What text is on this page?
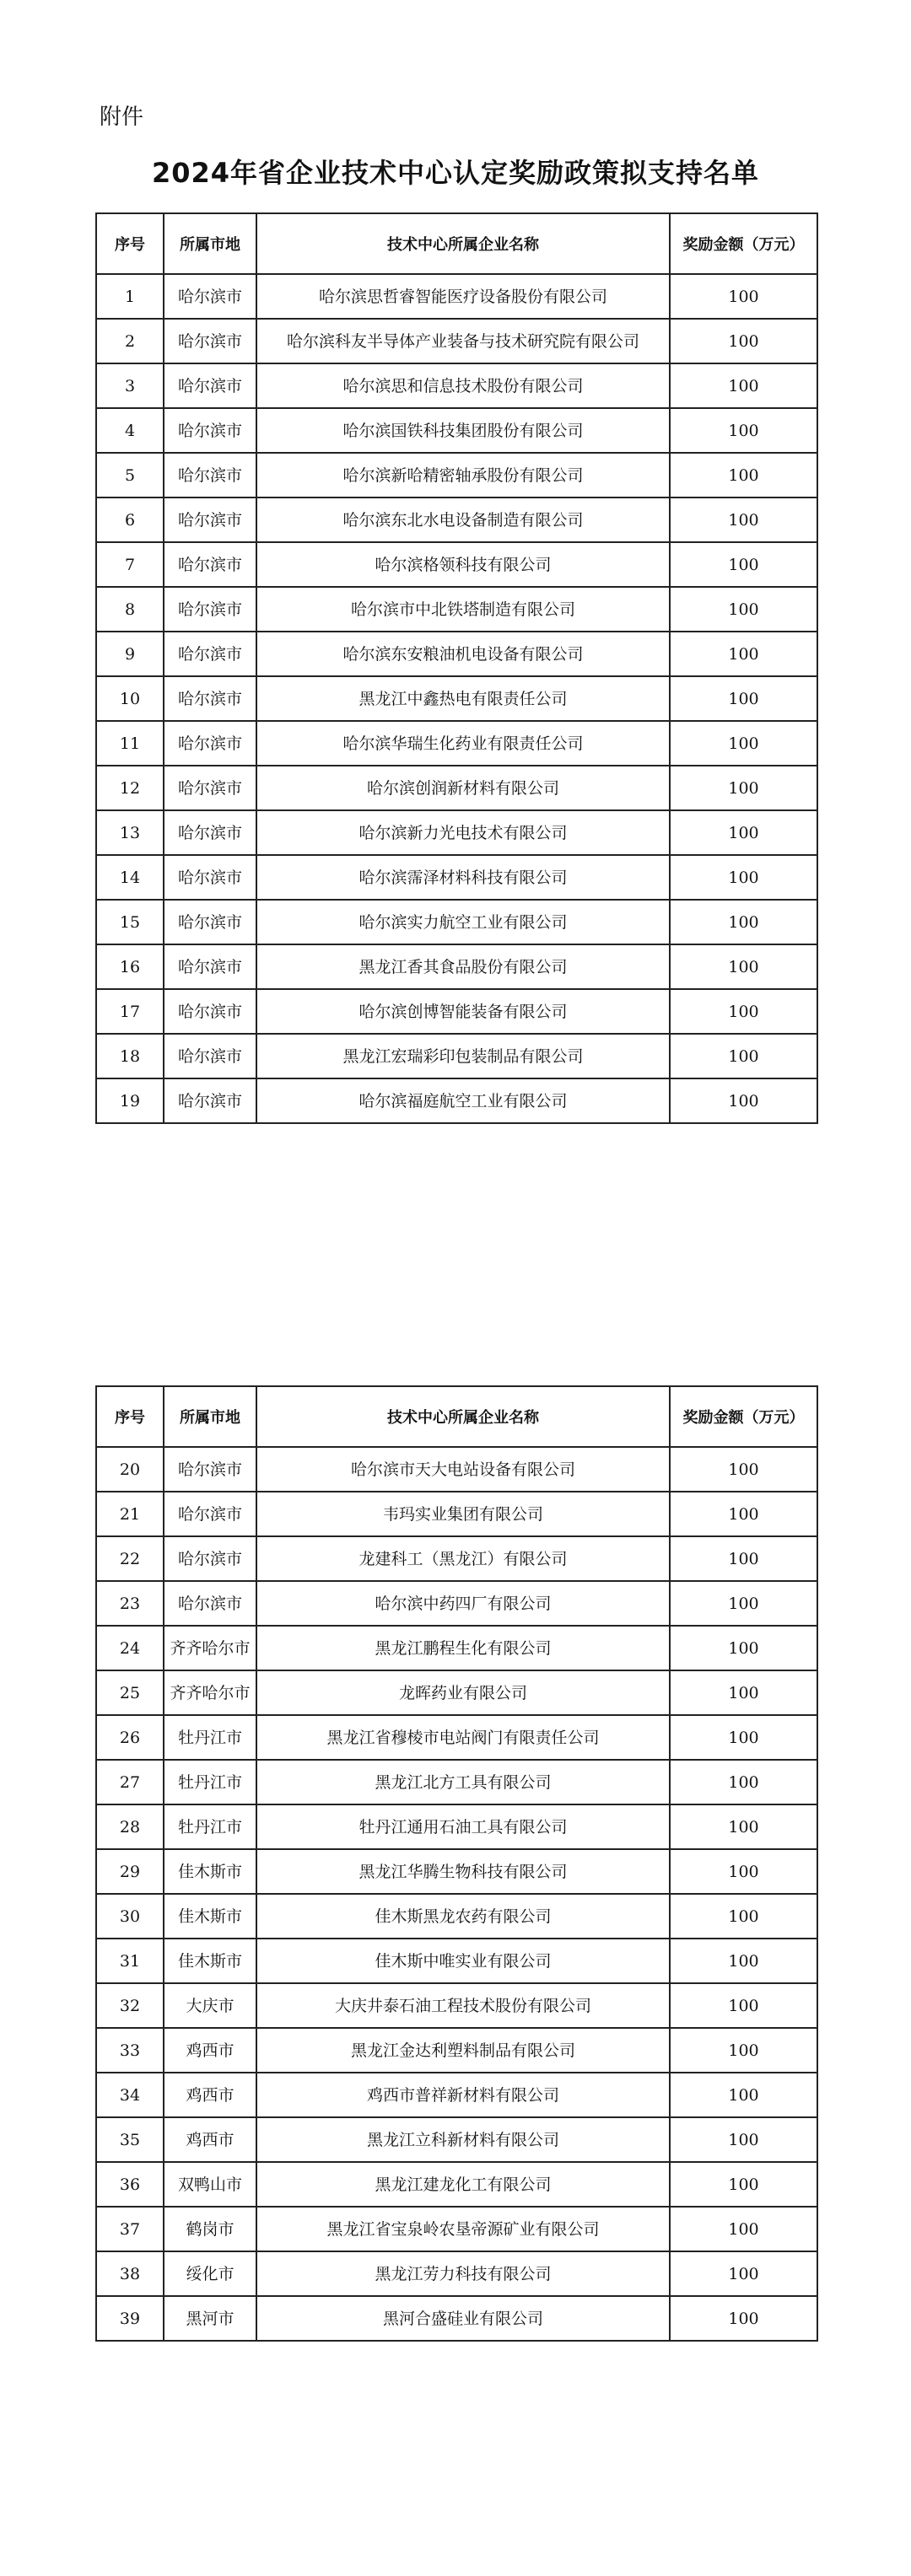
附件
2024年省企业技术中心认定奖励政策拟支持名单
序号	所属市地	技术中心所属企业名称	奖励金额（万元）
1	哈尔滨市	哈尔滨思哲睿智能医疗设备股份有限公司	100
2	哈尔滨市	哈尔滨科友半导体产业装备与技术研究院有限公司	100
3	哈尔滨市	哈尔滨思和信息技术股份有限公司	100
4	哈尔滨市	哈尔滨国铁科技集团股份有限公司	100
5	哈尔滨市	哈尔滨新哈精密轴承股份有限公司	100
6	哈尔滨市	哈尔滨东北水电设备制造有限公司	100
7	哈尔滨市	哈尔滨格领科技有限公司	100
8	哈尔滨市	哈尔滨市中北铁塔制造有限公司	100
9	哈尔滨市	哈尔滨东安粮油机电设备有限公司	100
10	哈尔滨市	黑龙江中鑫热电有限责任公司	100
11	哈尔滨市	哈尔滨华瑞生化药业有限责任公司	100
12	哈尔滨市	哈尔滨创润新材料有限公司	100
13	哈尔滨市	哈尔滨新力光电技术有限公司	100
14	哈尔滨市	哈尔滨霈泽材料科技有限公司	100
15	哈尔滨市	哈尔滨实力航空工业有限公司	100
16	哈尔滨市	黑龙江香其食品股份有限公司	100
17	哈尔滨市	哈尔滨创博智能装备有限公司	100
18	哈尔滨市	黑龙江宏瑞彩印包装制品有限公司	100
19	哈尔滨市	哈尔滨福庭航空工业有限公司	100
序号	所属市地	技术中心所属企业名称	奖励金额（万元）
20	哈尔滨市	哈尔滨市天大电站设备有限公司	100
21	哈尔滨市	韦玛实业集团有限公司	100
22	哈尔滨市	龙建科工（黑龙江）有限公司	100
23	哈尔滨市	哈尔滨中药四厂有限公司	100
24	齐齐哈尔市	黑龙江鹏程生化有限公司	100
25	齐齐哈尔市	龙晖药业有限公司	100
26	牡丹江市	黑龙江省穆棱市电站阀门有限责任公司	100
27	牡丹江市	黑龙江北方工具有限公司	100
28	牡丹江市	牡丹江通用石油工具有限公司	100
29	佳木斯市	黑龙江华腾生物科技有限公司	100
30	佳木斯市	佳木斯黑龙农药有限公司	100
31	佳木斯市	佳木斯中唯实业有限公司	100
32	大庆市	大庆井泰石油工程技术股份有限公司	100
33	鸡西市	黑龙江金达利塑料制品有限公司	100
34	鸡西市	鸡西市普祥新材料有限公司	100
35	鸡西市	黑龙江立科新材料有限公司	100
36	双鸭山市	黑龙江建龙化工有限公司	100
37	鹤岗市	黑龙江省宝泉岭农垦帝源矿业有限公司	100
38	绥化市	黑龙江劳力科技有限公司	100
39	黑河市	黑河合盛硅业有限公司	100
